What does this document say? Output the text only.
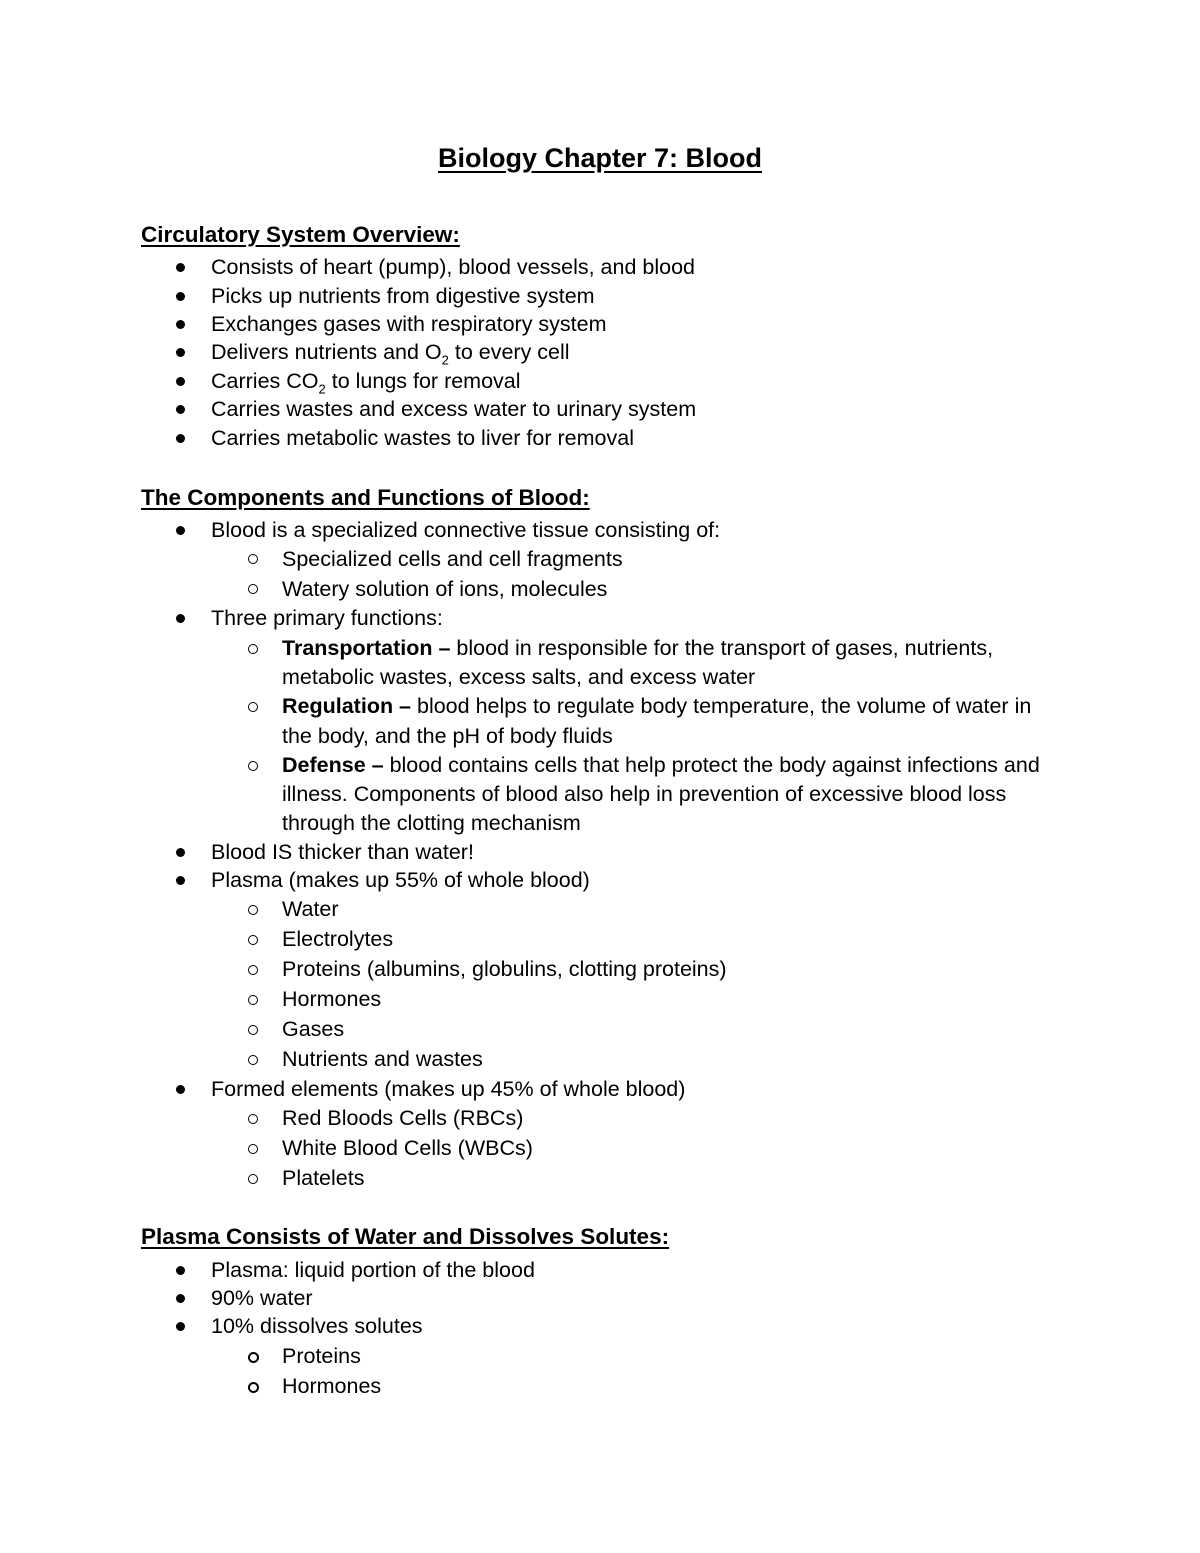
Biology Chapter 7: Blood
Circulatory System Overview:

Consists of heart (pump), blood vessels, and blood

Picks up nutrients from digestive system

Exchanges gases with respiratory system

Delivers nutrients and $O_2$ to every cell

Carries $CO_2$ to lungs for removal

Carries wastes and excess water to urinary system

Carries metabolic wastes to liver for removal

The Components and Functions of Blood:

Blood is a specialized connective tissue consisting of:

Specialized cells and cell fragments

Watery solution of ions, molecules

Three primary functions:

Transportation – blood in responsible for the transport of gases, nutrients,

metabolic wastes, excess salts, and excess water

Regulation – blood helps to regulate body temperature, the volume of water in

the body, and the pH of body fluids

Defense – blood contains cells that help protect the body against infections and

illness. Components of blood also help in prevention of excessive blood loss

through the clotting mechanism

Blood IS thicker than water!

Plasma (makes up 55% of whole blood)

Water

Electrolytes

Proteins (albumins, globulins, clotting proteins)

Hormones

Gases

Nutrients and wastes

Formed elements (makes up 45% of whole blood)

Red Bloods Cells (RBCs)

White Blood Cells (WBCs)

Platelets

Plasma Consists of Water and Dissolves Solutes:

Plasma: liquid portion of the blood

90% water

10% dissolves solutes

Proteins

Hormones
